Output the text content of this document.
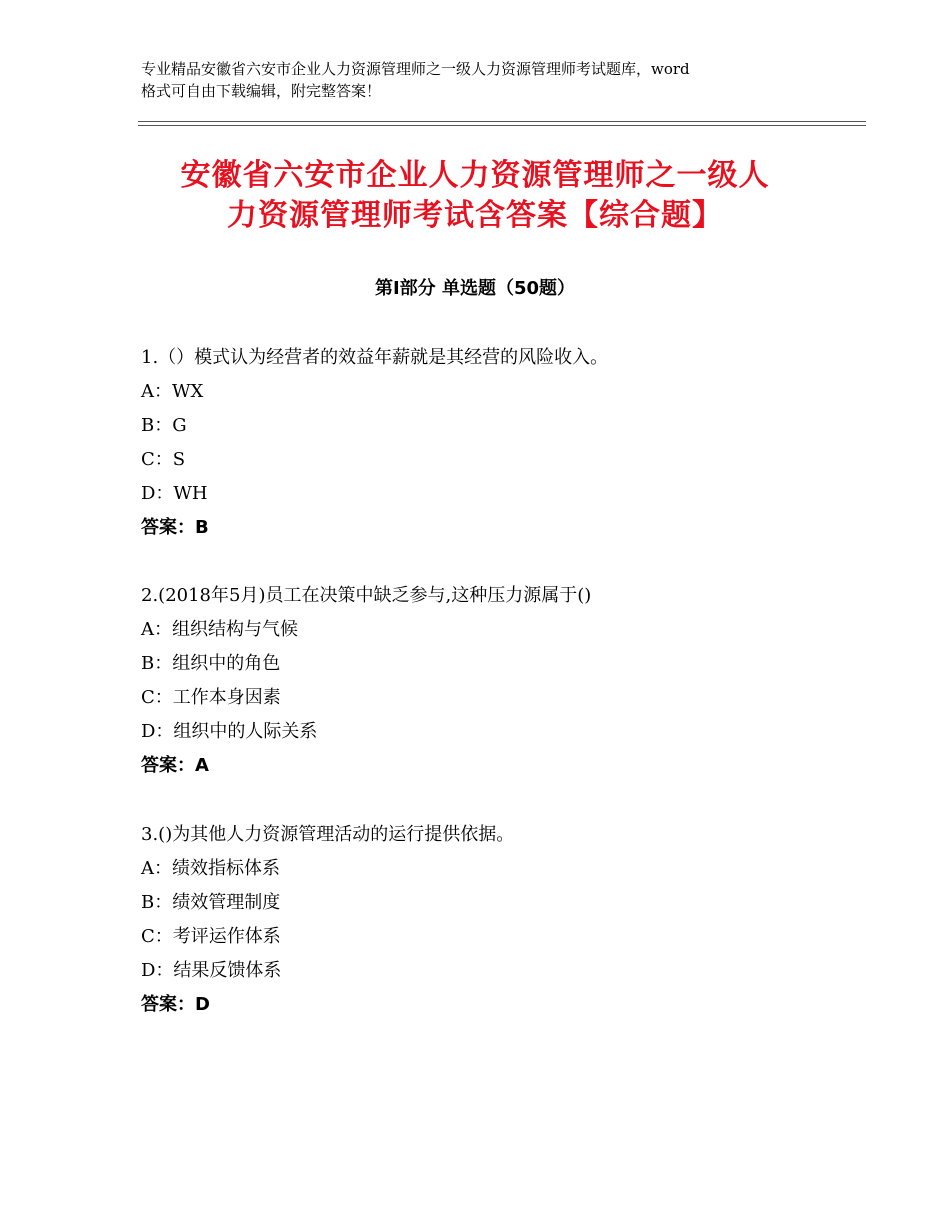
专业精品安徽省六安市企业人力资源管理师之一级人力资源管理师考试题库，word
格式可自由下载编辑，附完整答案！
安徽省六安市企业人力资源管理师之一级人
力资源管理师考试含答案【综合题】
第Ⅰ部分 单选题（50题）
1.（）模式认为经营者的效益年薪就是其经营的风险收入。
A：WX
B：G
C：S
D：WH
答案：B
2.(2018年5月)员工在决策中缺乏参与,这种压力源属于()
A：组织结构与气候
B：组织中的角色
C：工作本身因素
D：组织中的人际关系
答案：A
3.()为其他人力资源管理活动的运行提供依据。
A：绩效指标体系
B：绩效管理制度
C：考评运作体系
D：结果反馈体系
答案：D
